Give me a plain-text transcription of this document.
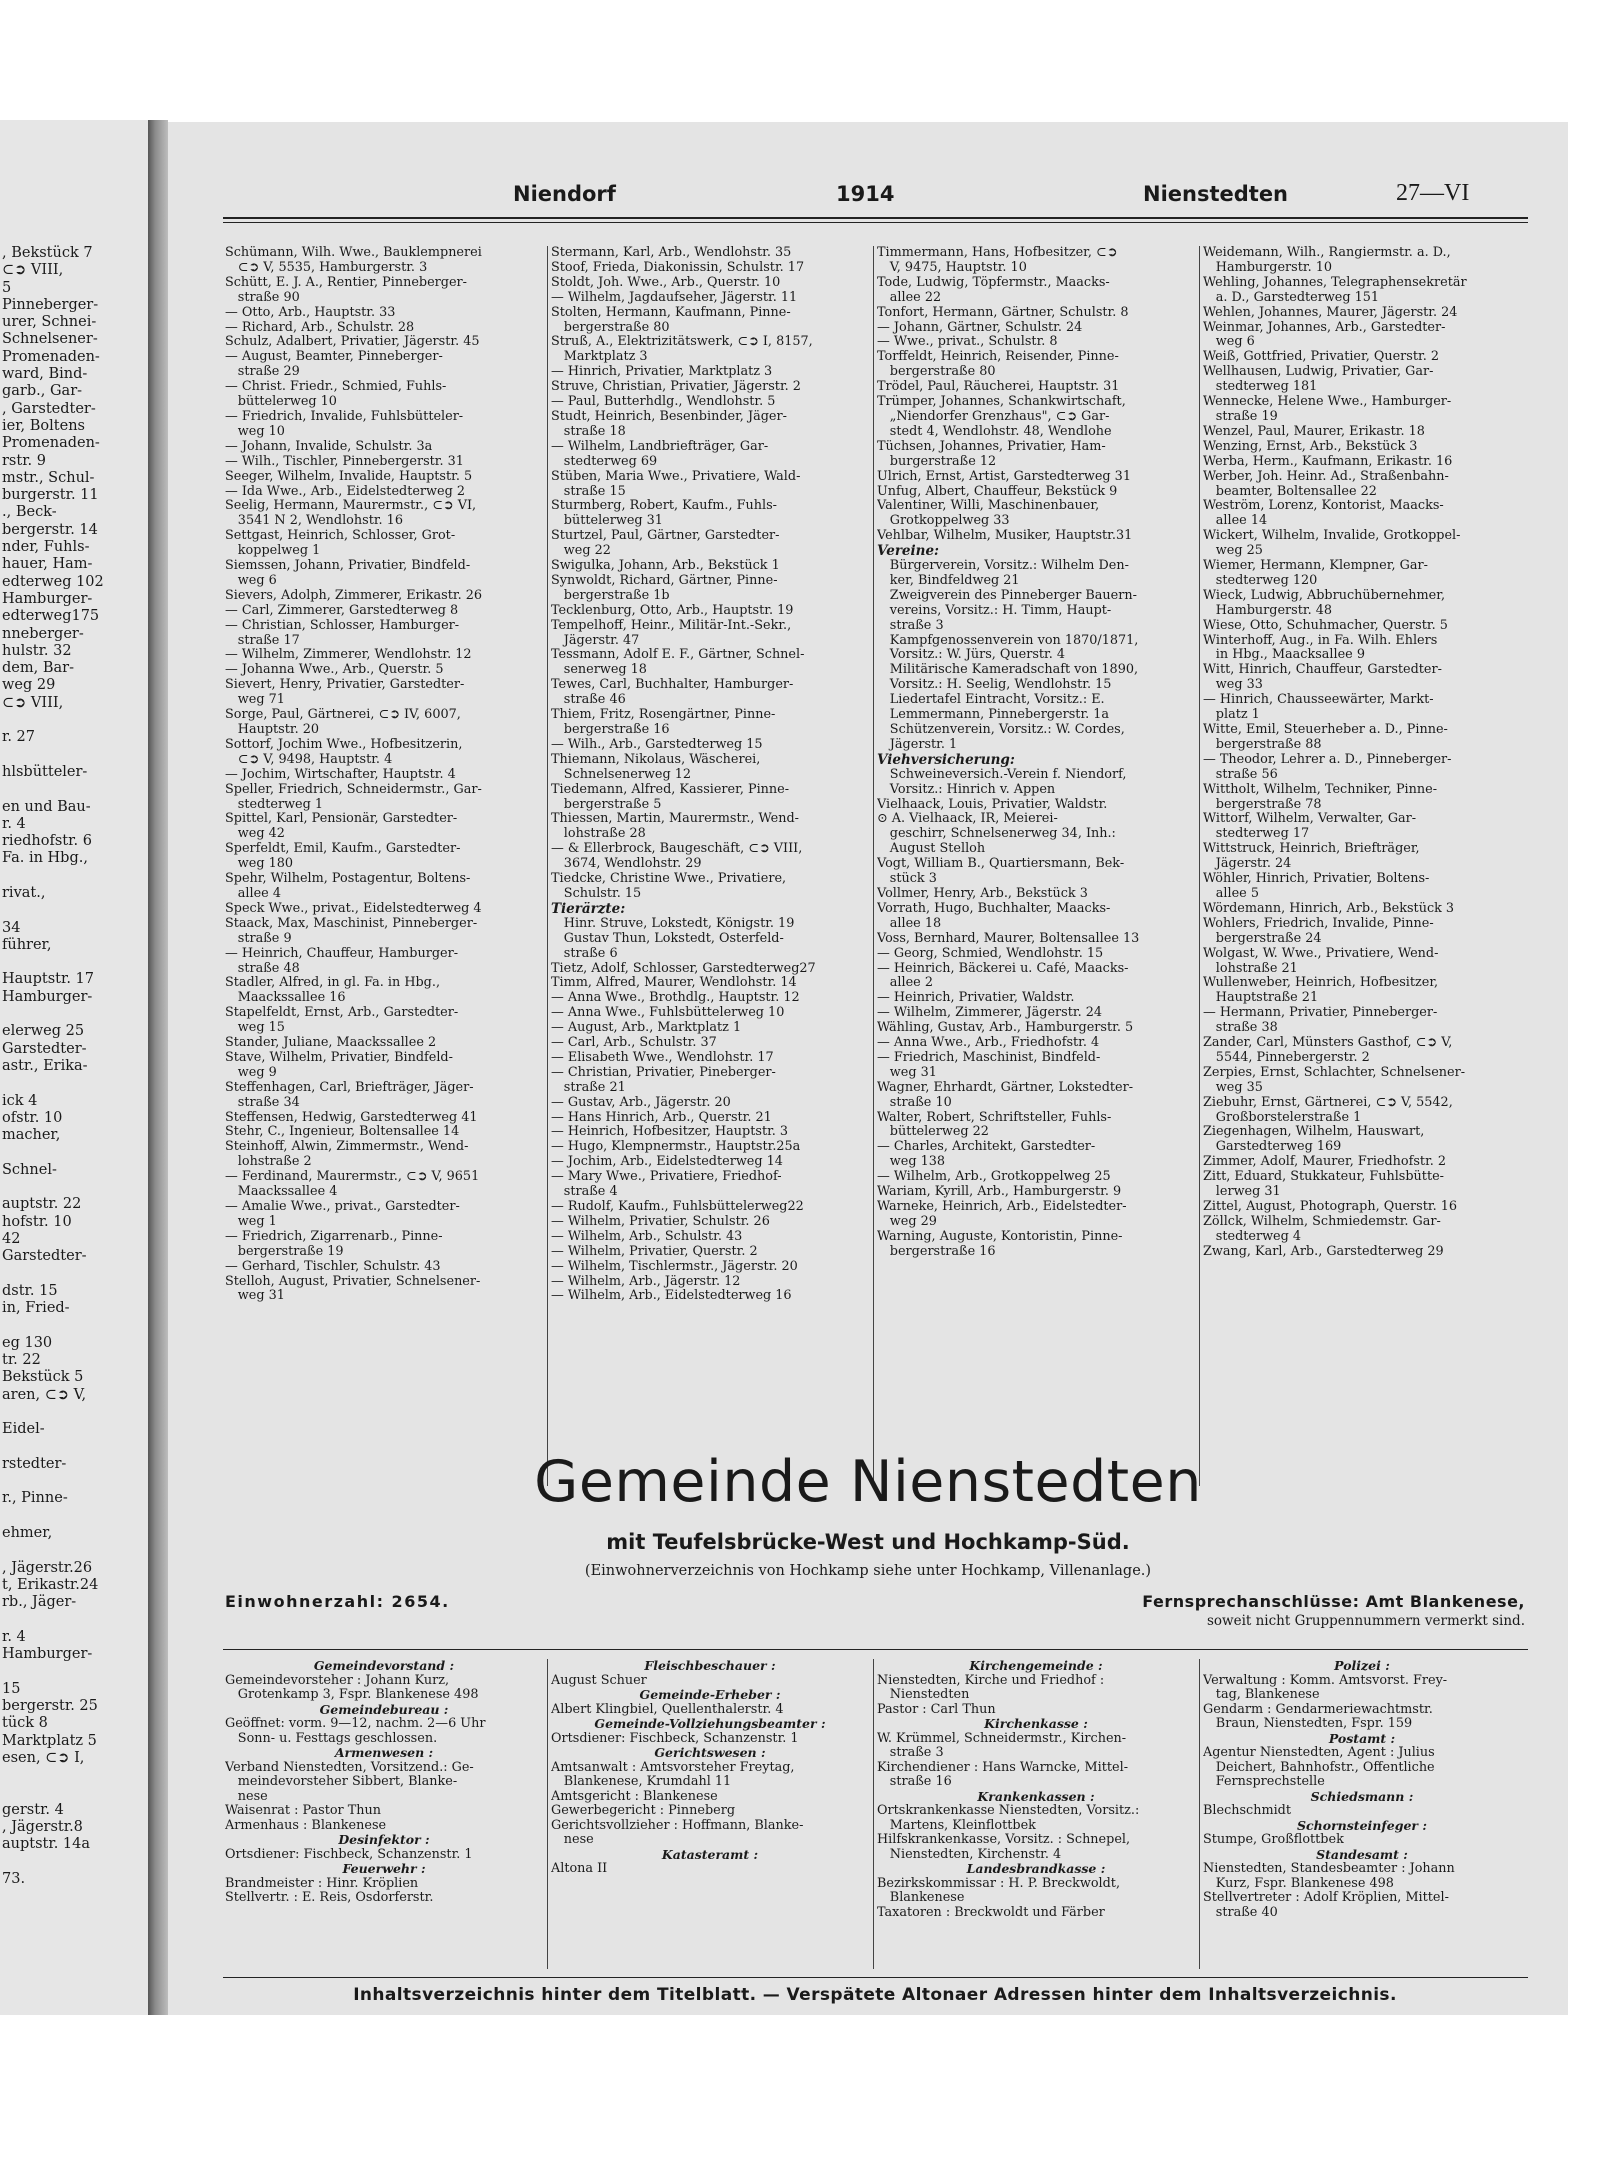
, Bekstück 7
⊂➲ VIII,
5
Pinneberger-
urer, Schnei-
Schnelsener-
Promenaden-
ward, Bind-
garb., Gar-
, Garstedter-
ier, Boltens
Promenaden-
rstr. 9
mstr., Schul-
burgerstr. 11
., Beck-
bergerstr. 14
nder, Fuhls-
hauer, Ham-
edterweg 102
Hamburger-
edterweg175
nneberger-
hulstr. 32
dem, Bar-
weg 29
⊂➲ VIII,

r. 27

hlsbütteler-

en und Bau-
r. 4
riedhofstr. 6
Fa. in Hbg.,

rivat.,

34
führer,

Hauptstr. 17
Hamburger-

elerweg 25
Garstedter-
astr., Erika-

ick 4
ofstr. 10
macher,

Schnel-

auptstr. 22
hofstr. 10
42
Garstedter-

dstr. 15
in, Fried-

eg 130
tr. 22
Bekstück 5
aren, ⊂➲ V,

Eidel-

rstedter-

r., Pinne-

ehmer,

, Jägerstr.26
t, Erikastr.24
rb., Jäger-

r. 4
Hamburger-

15
bergerstr. 25
tück 8
Marktplatz 5
esen, ⊂➲ I,

gerstr. 4
, Jägerstr.8
auptstr. 14a

73.
Niendorf	1914	Nienstedten	27—VI
Schümann, Wilh. Wwe., Bauklempnerei
 ⊂➲ V, 5535, Hamburgerstr. 3
Schütt, E. J. A., Rentier, Pinneberger-
 straße 90
— Otto, Arb., Hauptstr. 33
— Richard, Arb., Schulstr. 28
Schulz, Adalbert, Privatier, Jägerstr. 45
— August, Beamter, Pinneberger-
 straße 29
— Christ. Friedr., Schmied, Fuhls-
 büttelerweg 10
— Friedrich, Invalide, Fuhlsbütteler-
 weg 10
— Johann, Invalide, Schulstr. 3a
— Wilh., Tischler, Pinnebergerstr. 31
Seeger, Wilhelm, Invalide, Hauptstr. 5
— Ida Wwe., Arb., Eidelstedterweg 2
Seelig, Hermann, Maurermstr., ⊂➲ VI,
 3541 N 2, Wendlohstr. 16
Settgast, Heinrich, Schlosser, Grot-
 koppelweg 1
Siemssen, Johann, Privatier, Bindfeld-
 weg 6
Sievers, Adolph, Zimmerer, Erikastr. 26
— Carl, Zimmerer, Garstedterweg 8
— Christian, Schlosser, Hamburger-
 straße 17
— Wilhelm, Zimmerer, Wendlohstr. 12
— Johanna Wwe., Arb., Querstr. 5
Sievert, Henry, Privatier, Garstedter-
 weg 71
Sorge, Paul, Gärtnerei, ⊂➲ IV, 6007,
 Hauptstr. 20
Sottorf, Jochim Wwe., Hofbesitzerin,
 ⊂➲ V, 9498, Hauptstr. 4
— Jochim, Wirtschafter, Hauptstr. 4
Speller, Friedrich, Schneidermstr., Gar-
 stedterweg 1
Spittel, Karl, Pensionär, Garstedter-
 weg 42
Sperfeldt, Emil, Kaufm., Garstedter-
 weg 180
Spehr, Wilhelm, Postagentur, Boltens-
 allee 4
Speck Wwe., privat., Eidelstedterweg 4
Staack, Max, Maschinist, Pinneberger-
 straße 9
— Heinrich, Chauffeur, Hamburger-
 straße 48
Stadler, Alfred, in gl. Fa. in Hbg.,
 Maackssallee 16
Stapelfeldt, Ernst, Arb., Garstedter-
 weg 15
Stander, Juliane, Maackssallee 2
Stave, Wilhelm, Privatier, Bindfeld-
 weg 9
Steffenhagen, Carl, Briefträger, Jäger-
 straße 34
Steffensen, Hedwig, Garstedterweg 41
Stehr, C., Ingenieur, Boltensallee 14
Steinhoff, Alwin, Zimmermstr., Wend-
 lohstraße 2
— Ferdinand, Maurermstr., ⊂➲ V, 9651
 Maackssallee 4
— Amalie Wwe., privat., Garstedter-
 weg 1
— Friedrich, Zigarrenarb., Pinne-
 bergerstraße 19
— Gerhard, Tischler, Schulstr. 43
Stelloh, August, Privatier, Schnelsener-
 weg 31
Stermann, Karl, Arb., Wendlohstr. 35
Stoof, Frieda, Diakonissin, Schulstr. 17
Stoldt, Joh. Wwe., Arb., Querstr. 10
— Wilhelm, Jagdaufseher, Jägerstr. 11
Stolten, Hermann, Kaufmann, Pinne-
 bergerstraße 80
Struß, A., Elektrizitätswerk, ⊂➲ I, 8157,
 Marktplatz 3
— Hinrich, Privatier, Marktplatz 3
Struve, Christian, Privatier, Jägerstr. 2
— Paul, Butterhdlg., Wendlohstr. 5
Studt, Heinrich, Besenbinder, Jäger-
 straße 18
— Wilhelm, Landbriefträger, Gar-
 stedterweg 69
Stüben, Maria Wwe., Privatiere, Wald-
 straße 15
Sturmberg, Robert, Kaufm., Fuhls-
 büttelerweg 31
Sturtzel, Paul, Gärtner, Garstedter-
 weg 22
Swigulka, Johann, Arb., Bekstück 1
Synwoldt, Richard, Gärtner, Pinne-
 bergerstraße 1b
Tecklenburg, Otto, Arb., Hauptstr. 19
Tempelhoff, Heinr., Militär-Int.-Sekr.,
 Jägerstr. 47
Tessmann, Adolf E. F., Gärtner, Schnel-
 senerweg 18
Tewes, Carl, Buchhalter, Hamburger-
 straße 46
Thiem, Fritz, Rosengärtner, Pinne-
 bergerstraße 16
— Wilh., Arb., Garstedterweg 15
Thiemann, Nikolaus, Wäscherei,
 Schnelsenerweg 12
Tiedemann, Alfred, Kassierer, Pinne-
 bergerstraße 5
Thiessen, Martin, Maurermstr., Wend-
 lohstraße 28
— & Ellerbrock, Baugeschäft, ⊂➲ VIII,
 3674, Wendlohstr. 29
Tiedcke, Christine Wwe., Privatiere,
 Schulstr. 15
Tierärzte:
 Hinr. Struve, Lokstedt, Königstr. 19
 Gustav Thun, Lokstedt, Osterfeld-
 straße 6
Tietz, Adolf, Schlosser, Garstedterweg27
Timm, Alfred, Maurer, Wendlohstr. 14
— Anna Wwe., Brothdlg., Hauptstr. 12
— Anna Wwe., Fuhlsbüttelerweg 10
— August, Arb., Marktplatz 1
— Carl, Arb., Schulstr. 37
— Elisabeth Wwe., Wendlohstr. 17
— Christian, Privatier, Pineberger-
 straße 21
— Gustav, Arb., Jägerstr. 20
— Hans Hinrich, Arb., Querstr. 21
— Heinrich, Hofbesitzer, Hauptstr. 3
— Hugo, Klempnermstr., Hauptstr.25a
— Jochim, Arb., Eidelstedterweg 14
— Mary Wwe., Privatiere, Friedhof-
 straße 4
— Rudolf, Kaufm., Fuhlsbüttelerweg22
— Wilhelm, Privatier, Schulstr. 26
— Wilhelm, Arb., Schulstr. 43
— Wilhelm, Privatier, Querstr. 2
— Wilhelm, Tischlermstr., Jägerstr. 20
— Wilhelm, Arb., Jägerstr. 12
— Wilhelm, Arb., Eidelstedterweg 16
Timmermann, Hans, Hofbesitzer, ⊂➲
 V, 9475, Hauptstr. 10
Tode, Ludwig, Töpfermstr., Maacks-
 allee 22
Tonfort, Hermann, Gärtner, Schulstr. 8
— Johann, Gärtner, Schulstr. 24
— Wwe., privat., Schulstr. 8
Torffeldt, Heinrich, Reisender, Pinne-
 bergerstraße 80
Trödel, Paul, Räucherei, Hauptstr. 31
Trümper, Johannes, Schankwirtschaft,
 „Niendorfer Grenzhaus", ⊂➲ Gar-
 stedt 4, Wendlohstr. 48, Wendlohe
Tüchsen, Johannes, Privatier, Ham-
 burgerstraße 12
Ulrich, Ernst, Artist, Garstedterweg 31
Unfug, Albert, Chauffeur, Bekstück 9
Valentiner, Willi, Maschinenbauer,
 Grotkoppelweg 33
Vehlbar, Wilhelm, Musiker, Hauptstr.31
Vereine:
 Bürgerverein, Vorsitz.: Wilhelm Den-
 ker, Bindfeldweg 21
 Zweigverein des Pinneberger Bauern-
 vereins, Vorsitz.: H. Timm, Haupt-
 straße 3
 Kampfgenossenverein von 1870/1871,
 Vorsitz.: W. Jürs, Querstr. 4
 Militärische Kameradschaft von 1890,
 Vorsitz.: H. Seelig, Wendlohstr. 15
 Liedertafel Eintracht, Vorsitz.: E.
 Lemmermann, Pinnebergerstr. 1a
 Schützenverein, Vorsitz.: W. Cordes,
 Jägerstr. 1
Viehversicherung:
 Schweineversich.-Verein f. Niendorf,
 Vorsitz.: Hinrich v. Appen
Vielhaack, Louis, Privatier, Waldstr.
⊙ A. Vielhaack, IR, Meierei-
 geschirr, Schnelsenerweg 34, Inh.:
 August Stelloh
Vogt, William B., Quartiersmann, Bek-
 stück 3
Vollmer, Henry, Arb., Bekstück 3
Vorrath, Hugo, Buchhalter, Maacks-
 allee 18
Voss, Bernhard, Maurer, Boltensallee 13
— Georg, Schmied, Wendlohstr. 15
— Heinrich, Bäckerei u. Café, Maacks-
 allee 2
— Heinrich, Privatier, Waldstr.
— Wilhelm, Zimmerer, Jägerstr. 24
Wähling, Gustav, Arb., Hamburgerstr. 5
— Anna Wwe., Arb., Friedhofstr. 4
— Friedrich, Maschinist, Bindfeld-
 weg 31
Wagner, Ehrhardt, Gärtner, Lokstedter-
 straße 10
Walter, Robert, Schriftsteller, Fuhls-
 büttelerweg 22
— Charles, Architekt, Garstedter-
 weg 138
— Wilhelm, Arb., Grotkoppelweg 25
Wariam, Kyrill, Arb., Hamburgerstr. 9
Warneke, Heinrich, Arb., Eidelstedter-
 weg 29
Warning, Auguste, Kontoristin, Pinne-
 bergerstraße 16
Weidemann, Wilh., Rangiermstr. a. D.,
 Hamburgerstr. 10
Wehling, Johannes, Telegraphensekretär
 a. D., Garstedterweg 151
Wehlen, Johannes, Maurer, Jägerstr. 24
Weinmar, Johannes, Arb., Garstedter-
 weg 6
Weiß, Gottfried, Privatier, Querstr. 2
Wellhausen, Ludwig, Privatier, Gar-
 stedterweg 181
Wennecke, Helene Wwe., Hamburger-
 straße 19
Wenzel, Paul, Maurer, Erikastr. 18
Wenzing, Ernst, Arb., Bekstück 3
Werba, Herm., Kaufmann, Erikastr. 16
Werber, Joh. Heinr. Ad., Straßenbahn-
 beamter, Boltensallee 22
Weström, Lorenz, Kontorist, Maacks-
 allee 14
Wickert, Wilhelm, Invalide, Grotkoppel-
 weg 25
Wiemer, Hermann, Klempner, Gar-
 stedterweg 120
Wieck, Ludwig, Abbruchübernehmer,
 Hamburgerstr. 48
Wiese, Otto, Schuhmacher, Querstr. 5
Winterhoff, Aug., in Fa. Wilh. Ehlers
 in Hbg., Maacksallee 9
Witt, Hinrich, Chauffeur, Garstedter-
 weg 33
— Hinrich, Chausseewärter, Markt-
 platz 1
Witte, Emil, Steuerheber a. D., Pinne-
 bergerstraße 88
— Theodor, Lehrer a. D., Pinneberger-
 straße 56
Wittholt, Wilhelm, Techniker, Pinne-
 bergerstraße 78
Wittorf, Wilhelm, Verwalter, Gar-
 stedterweg 17
Wittstruck, Heinrich, Briefträger,
 Jägerstr. 24
Wöhler, Hinrich, Privatier, Boltens-
 allee 5
Wördemann, Hinrich, Arb., Bekstück 3
Wohlers, Friedrich, Invalide, Pinne-
 bergerstraße 24
Wolgast, W. Wwe., Privatiere, Wend-
 lohstraße 21
Wullenweber, Heinrich, Hofbesitzer,
 Hauptstraße 21
— Hermann, Privatier, Pinneberger-
 straße 38
Zander, Carl, Münsters Gasthof, ⊂➲ V,
 5544, Pinnebergerstr. 2
Zerpies, Ernst, Schlachter, Schnelsener-
 weg 35
Ziebuhr, Ernst, Gärtnerei, ⊂➲ V, 5542,
 Großborstelerstraße 1
Ziegenhagen, Wilhelm, Hauswart,
 Garstedterweg 169
Zimmer, Adolf, Maurer, Friedhofstr. 2
Zitt, Eduard, Stukkateur, Fuhlsbütte-
 lerweg 31
Zittel, August, Photograph, Querstr. 16
Zöllck, Wilhelm, Schmiedemstr. Gar-
 stedterweg 4
Zwang, Karl, Arb., Garstedterweg 29
Gemeinde Nienstedten
mit Teufelsbrücke-West und Hochkamp-Süd.
(Einwohnerverzeichnis von Hochkamp siehe unter Hochkamp, Villenanlage.)
Einwohnerzahl: 2654.	Fernsprechanschlüsse: Amt Blankenese,
soweit nicht Gruppennummern vermerkt sind.
Gemeindevorstand :
Gemeindevorsteher : Johann Kurz,
 Grotenkamp 3, Fspr. Blankenese 498
Gemeindebureau :
Geöffnet: vorm. 9—12, nachm. 2—6 Uhr
 Sonn- u. Festtags geschlossen.
Armenwesen :
Verband Nienstedten, Vorsitzend.: Ge-
 meindevorsteher Sibbert, Blanke-
 nese
Waisenrat : Pastor Thun
Armenhaus : Blankenese
Desinfektor :
Ortsdiener: Fischbeck, Schanzenstr. 1
Feuerwehr :
Brandmeister : Hinr. Kröplien
Stellvertr. : E. Reis, Osdorferstr.
Fleischbeschauer :
August Schuer
Gemeinde-Erheber :
Albert Klingbiel, Quellenthalerstr. 4
Gemeinde-Vollziehungsbeamter :
Ortsdiener: Fischbeck, Schanzenstr. 1
Gerichtswesen :
Amtsanwalt : Amtsvorsteher Freytag,
 Blankenese, Krumdahl 11
Amtsgericht : Blankenese
Gewerbegericht : Pinneberg
Gerichtsvollzieher : Hoffmann, Blanke-
 nese
Katasteramt :
Altona II
Kirchengemeinde :
Nienstedten, Kirche und Friedhof :
 Nienstedten
Pastor : Carl Thun
Kirchenkasse :
W. Krümmel, Schneidermstr., Kirchen-
 straße 3
Kirchendiener : Hans Warncke, Mittel-
 straße 16
Krankenkassen :
Ortskrankenkasse Nienstedten, Vorsitz.:
 Martens, Kleinflottbek
Hilfskrankenkasse, Vorsitz. : Schnepel,
 Nienstedten, Kirchenstr. 4
Landesbrandkasse :
Bezirkskommissar : H. P. Breckwoldt,
 Blankenese
Taxatoren : Breckwoldt und Färber
Polizei :
Verwaltung : Komm. Amtsvorst. Frey-
 tag, Blankenese
Gendarm : Gendarmeriewachtmstr.
 Braun, Nienstedten, Fspr. 159
Postamt :
Agentur Nienstedten, Agent : Julius
 Deichert, Bahnhofstr., Öffentliche
 Fernsprechstelle
Schiedsmann :
Blechschmidt
Schornsteinfeger :
Stumpe, Großflottbek
Standesamt :
Nienstedten, Standesbeamter : Johann
 Kurz, Fspr. Blankenese 498
Stellvertreter : Adolf Kröplien, Mittel-
 straße 40
Inhaltsverzeichnis hinter dem Titelblatt. — Verspätete Altonaer Adressen hinter dem Inhaltsverzeichnis.
